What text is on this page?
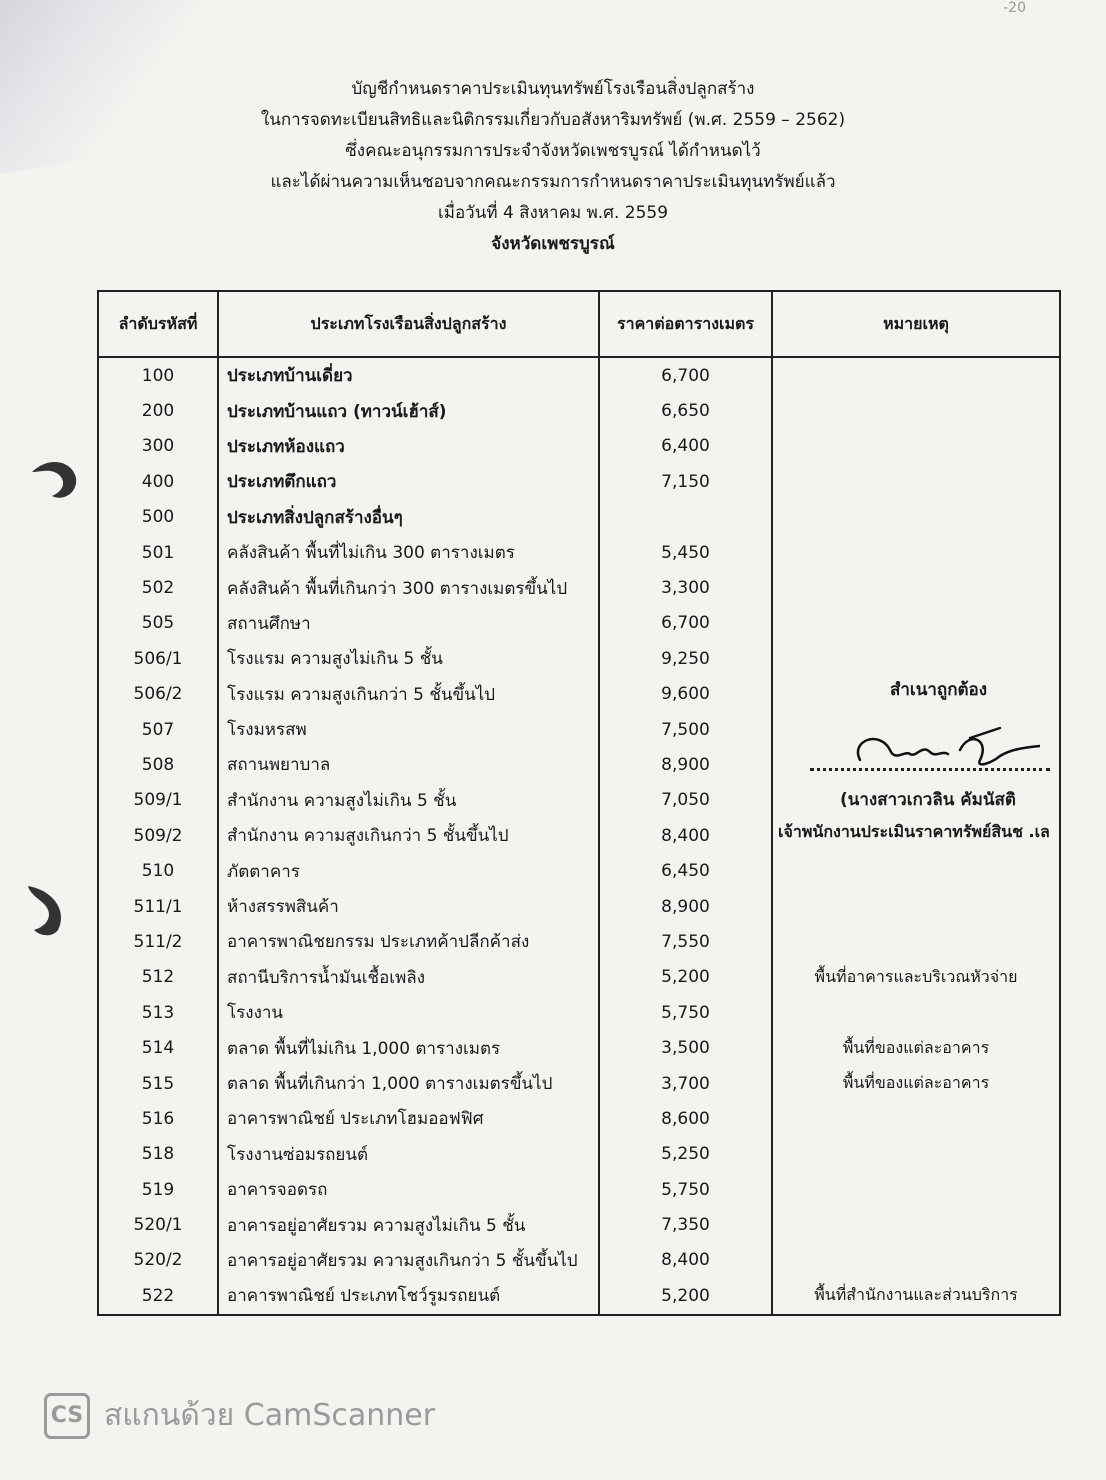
-20
บัญชีกำหนดราคาประเมินทุนทรัพย์โรงเรือนสิ่งปลูกสร้าง
ในการจดทะเบียนสิทธิและนิติกรรมเกี่ยวกับอสังหาริมทรัพย์ (พ.ศ. 2559 – 2562)
ซึ่งคณะอนุกรรมการประจำจังหวัดเพชรบูรณ์ ได้กำหนดไว้
และได้ผ่านความเห็นชอบจากคณะกรรมการกำหนดราคาประเมินทุนทรัพย์แล้ว
เมื่อวันที่ 4 สิงหาคม พ.ศ. 2559
จังหวัดเพชรบูรณ์
ลำดับรหัสที่	ประเภทโรงเรือนสิ่งปลูกสร้าง	ราคาต่อตารางเมตร	หมายเหตุ
100	ประเภทบ้านเดี่ยว	6,700	
200	ประเภทบ้านแถว (ทาวน์เฮ้าส์)	6,650	
300	ประเภทห้องแถว	6,400	
400	ประเภทตึกแถว	7,150	
500	ประเภทสิ่งปลูกสร้างอื่นๆ		
501	คลังสินค้า พื้นที่ไม่เกิน 300 ตารางเมตร	5,450	
502	คลังสินค้า พื้นที่เกินกว่า 300 ตารางเมตรขึ้นไป	3,300	
505	สถานศึกษา	6,700	
506/1	โรงแรม ความสูงไม่เกิน 5 ชั้น	9,250	
506/2	โรงแรม ความสูงเกินกว่า 5 ชั้นขึ้นไป	9,600	
507	โรงมหรสพ	7,500	
508	สถานพยาบาล	8,900	
509/1	สำนักงาน ความสูงไม่เกิน 5 ชั้น	7,050	
509/2	สำนักงาน ความสูงเกินกว่า 5 ชั้นขึ้นไป	8,400	
510	ภัตตาคาร	6,450	
511/1	ห้างสรรพสินค้า	8,900	
511/2	อาคารพาณิชยกรรม ประเภทค้าปลีกค้าส่ง	7,550	
512	สถานีบริการน้ำมันเชื้อเพลิง	5,200	พื้นที่อาคารและบริเวณหัวจ่าย
513	โรงงาน	5,750	
514	ตลาด พื้นที่ไม่เกิน 1,000 ตารางเมตร	3,500	พื้นที่ของแต่ละอาคาร
515	ตลาด พื้นที่เกินกว่า 1,000 ตารางเมตรขึ้นไป	3,700	พื้นที่ของแต่ละอาคาร
516	อาคารพาณิชย์ ประเภทโฮมออฟฟิศ	8,600	
518	โรงงานซ่อมรถยนต์	5,250	
519	อาคารจอดรถ	5,750	
520/1	อาคารอยู่อาศัยรวม ความสูงไม่เกิน 5 ชั้น	7,350	
520/2	อาคารอยู่อาศัยรวม ความสูงเกินกว่า 5 ชั้นขึ้นไป	8,400	
522	อาคารพาณิชย์ ประเภทโชว์รูมรถยนต์	5,200	พื้นที่สำนักงานและส่วนบริการ
สำเนาถูกต้อง
(นางสาวเกวลิน คัมนัสติ
เจ้าพนักงานประเมินราคาทรัพย์สินช .เล
CS สแกนด้วย CamScanner
